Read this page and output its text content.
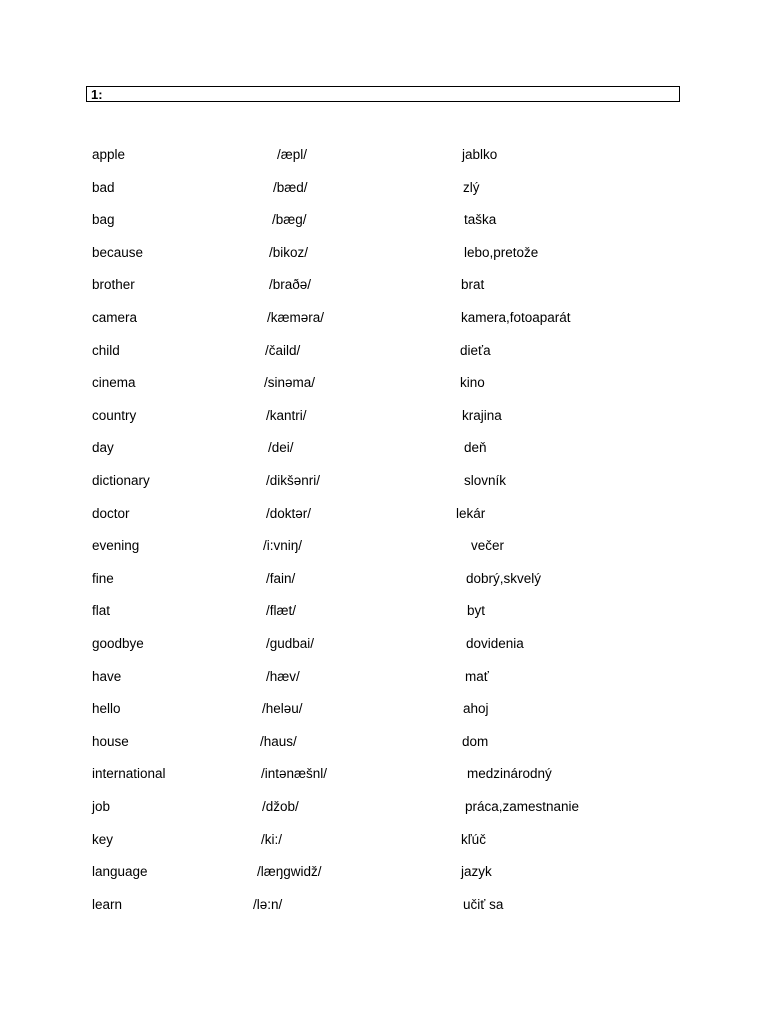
1:
apple	/æpl/	jablko
bad	/bæd/	zlý
bag	/bæg/	taška
because	/bikoz/	lebo,pretože
brother	/braðə/	brat
camera	/kæmәra/	kamera,fotoaparát
child	/čaild/	dieťa
cinema	/sinәma/	kino
country	/kantri/	krajina
day	/dei/	deň
dictionary	/dikšәnri/	slovník
doctor	/doktәr/	lekár
evening	/i:vniŋ/	večer
fine	/fain/	dobrý,skvelý
flat	/flæt/	byt
goodbye	/gudbai/	dovidenia
have	/hæv/	mať
hello	/helәu/	ahoj
house	/haus/	dom
international	/intәnæšnl/	medzinárodný
job	/džob/	práca,zamestnanie
key	/ki:/	kľúč
language	/læŋgwidž/	jazyk
learn	/lә:n/	učiť sa
